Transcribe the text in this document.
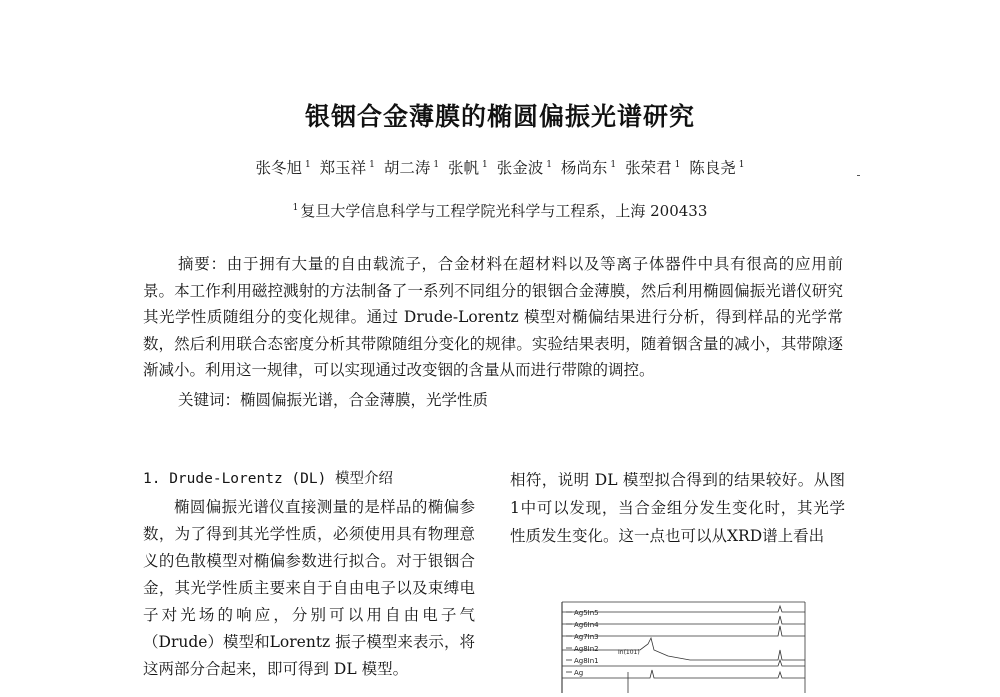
银铟合金薄膜的椭圆偏振光谱研究
张冬旭 $^1$ 郑玉祥 $^1$ 胡二涛 $^1$ 张帆 $^1$ 张金波 $^1$ 杨尚东 $^1$ 张荣君 $^1$ 陈良尧 $^1$
$^1$ 复旦大学信息科学与工程学院光科学与工程系，上海 200433

摘要：由于拥有大量的自由载流子，合金材料在超材料以及等离子体器件中具有很高的应用前景。本工作利用磁控溅射的方法制备了一系列不同组分的银铟合金薄膜，然后利用椭圆偏振光谱仪研究其光学性质随组分的变化规律。通过 Drude-Lorentz 模型对椭偏结果进行分析，得到样品的光学常数，然后利用联合态密度分析其带隙随组分变化的规律。实验结果表明，随着铟含量的减小，其带隙逐渐减小。利用这一规律，可以实现通过改变铟的含量从而进行带隙的调控。

关键词：椭圆偏振光谱，合金薄膜，光学性质

1. Drude-Lorentz (DL) 模型介绍

椭圆偏振光谱仪直接测量的是样品的椭偏参数，为了得到其光学性质，必须使用具有物理意义的色散模型对椭偏参数进行拟合。对于银铟合金，其光学性质主要来自于自由电子以及束缚电子对光场的响应，分别可以用自由电子气（Drude）模型和Lorentz 振子模型来表示，将这两部分合起来，即可得到 DL 模型。

相符，说明 DL 模型拟合得到的结果较好。从图1中可以发现，当合金组分发生变化时，其光学性质发生变化。这一点也可以从XRD谱上看出

Ag5In5
Ag6In4
Ag7In3
Ag8In2
Ag8In1
Ag
In(101)
